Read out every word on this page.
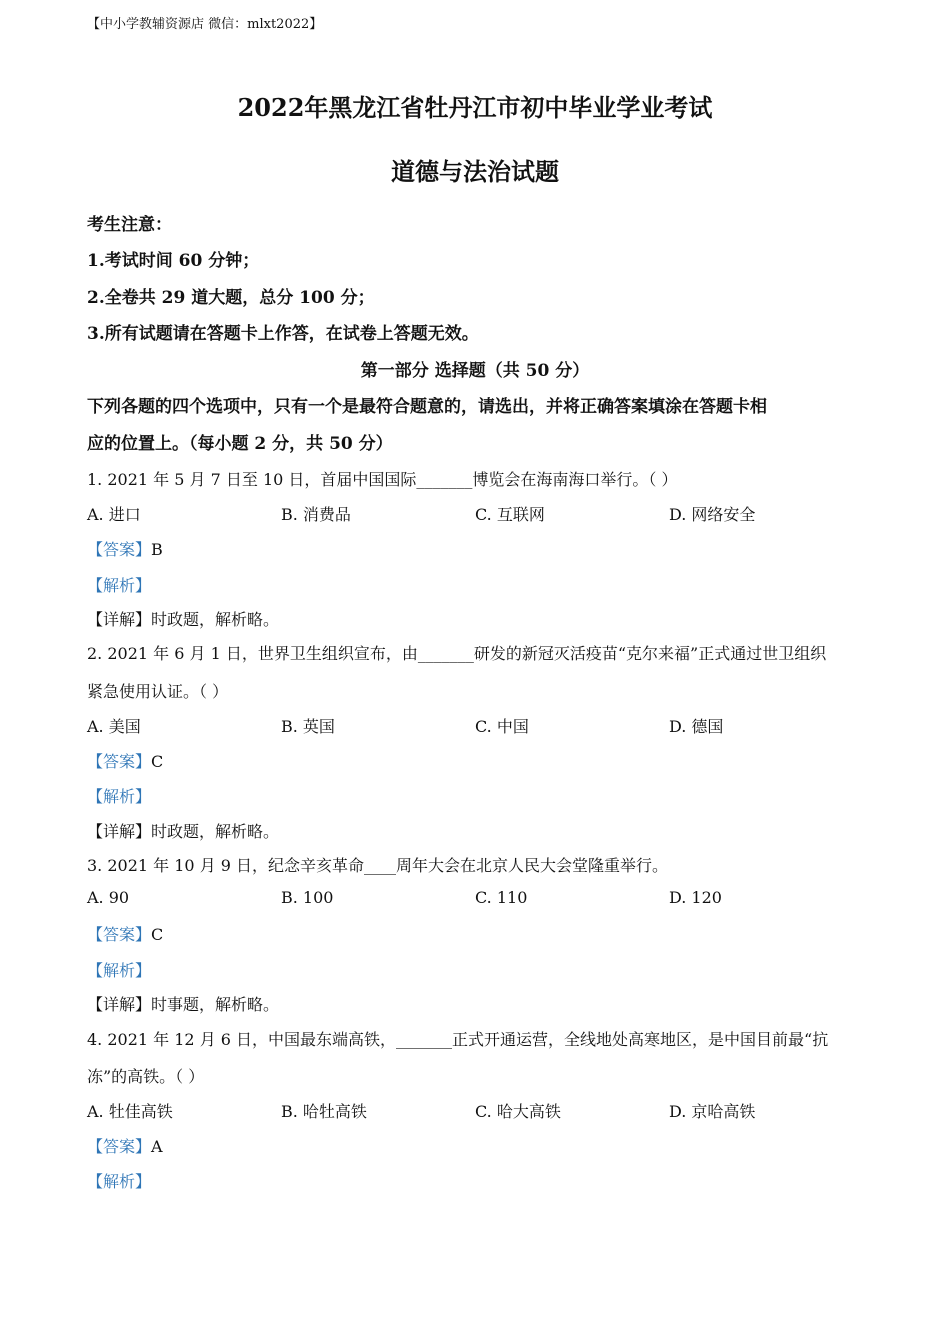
【中小学教辅资源店 微信：mlxt2022】
2022年黑龙江省牡丹江市初中毕业学业考试
道德与法治试题
考生注意：
1.考试时间 60 分钟；
2.全卷共 29 道大题，总分 100 分；
3.所有试题请在答题卡上作答，在试卷上答题无效。
第一部分 选择题（共 50 分）
下列各题的四个选项中，只有一个是最符合题意的，请选出，并将正确答案填涂在答题卡相
应的位置上。（每小题 2 分，共 50 分）
1. 2021 年 5 月 7 日至 10 日，首届中国国际_______博览会在海南海口举行。（ ）
A. 进口	B. 消费品	C. 互联网	D. 网络安全
【答案】B
【解析】
【详解】时政题，解析略。
2. 2021 年 6 月 1 日，世界卫生组织宣布，由_______研发的新冠灭活疫苗“克尔来福”正式通过世卫组织
紧急使用认证。（ ）
A. 美国	B. 英国	C. 中国	D. 德国
【答案】C
【解析】
【详解】时政题，解析略。
3. 2021 年 10 月 9 日，纪念辛亥革命____周年大会在北京人民大会堂隆重举行。
A. 90	B. 100	C. 110	D. 120
【答案】C
【解析】
【详解】时事题，解析略。
4. 2021 年 12 月 6 日，中国最东端高铁，_______正式开通运营，全线地处高寒地区，是中国目前最“抗
冻”的高铁。（ ）
A. 牡佳高铁	B. 哈牡高铁	C. 哈大高铁	D. 京哈高铁
【答案】A
【解析】
